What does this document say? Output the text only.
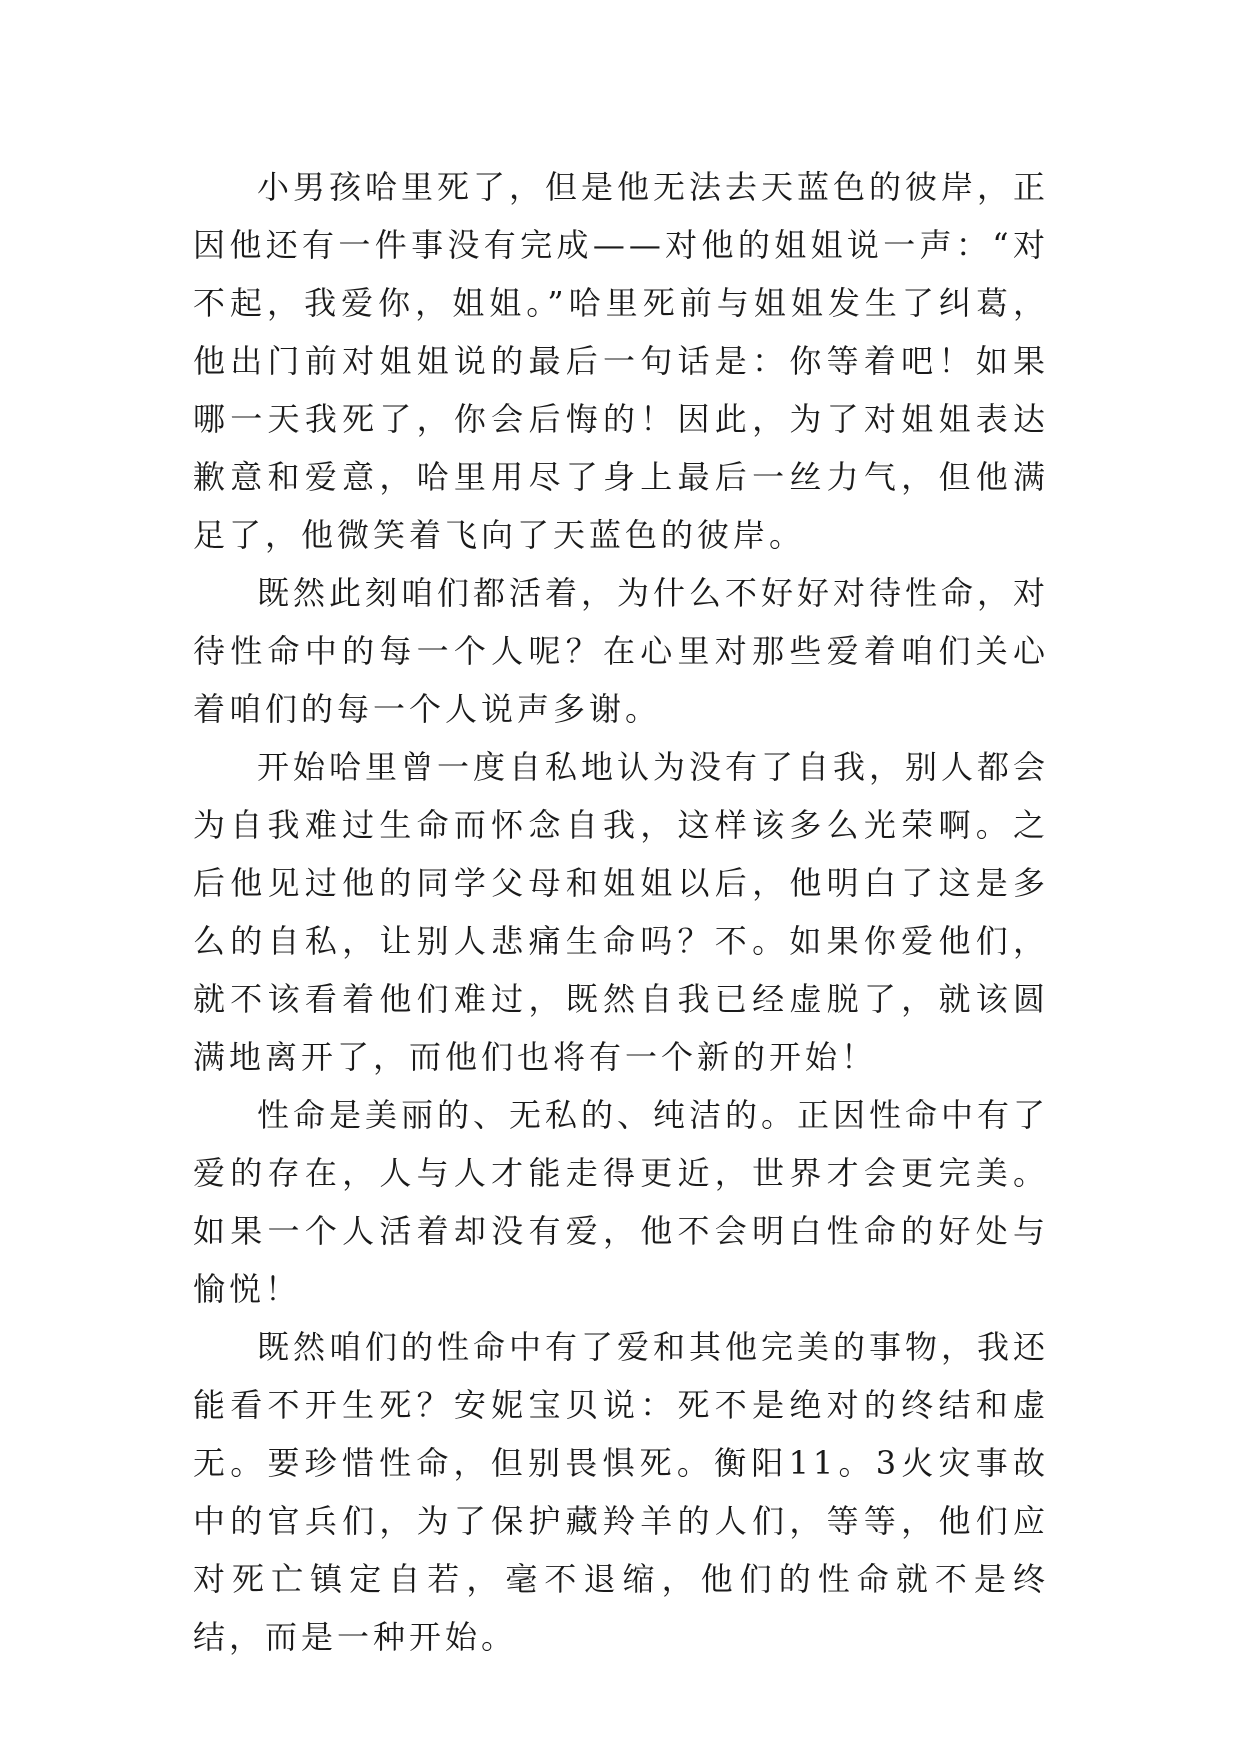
小男孩哈里死了，但是他无法去天蓝色的彼岸，正因他还有一件事没有完成——对他的姐姐说一声：“对不起，我爱你，姐姐。”哈里死前与姐姐发生了纠葛，他出门前对姐姐说的最后一句话是：你等着吧！如果哪一天我死了，你会后悔的！因此，为了对姐姐表达歉意和爱意，哈里用尽了身上最后一丝力气，但他满足了，他微笑着飞向了天蓝色的彼岸。

既然此刻咱们都活着，为什么不好好对待性命，对待性命中的每一个人呢？在心里对那些爱着咱们关心着咱们的每一个人说声多谢。

开始哈里曾一度自私地认为没有了自我，别人都会为自我难过生命而怀念自我，这样该多么光荣啊。之后他见过他的同学父母和姐姐以后，他明白了这是多么的自私，让别人悲痛生命吗？不。如果你爱他们，就不该看着他们难过，既然自我已经虚脱了，就该圆满地离开了，而他们也将有一个新的开始！

性命是美丽的、无私的、纯洁的。正因性命中有了爱的存在，人与人才能走得更近，世界才会更完美。如果一个人活着却没有爱，他不会明白性命的好处与愉悦！

既然咱们的性命中有了爱和其他完美的事物，我还能看不开生死？安妮宝贝说：死不是绝对的终结和虚无。要珍惜性命，但别畏惧死。衡阳11。3火灾事故中的官兵们，为了保护藏羚羊的人们，等等，他们应对死亡镇定自若，毫不退缩，他们的性命就不是终结，而是一种开始。
